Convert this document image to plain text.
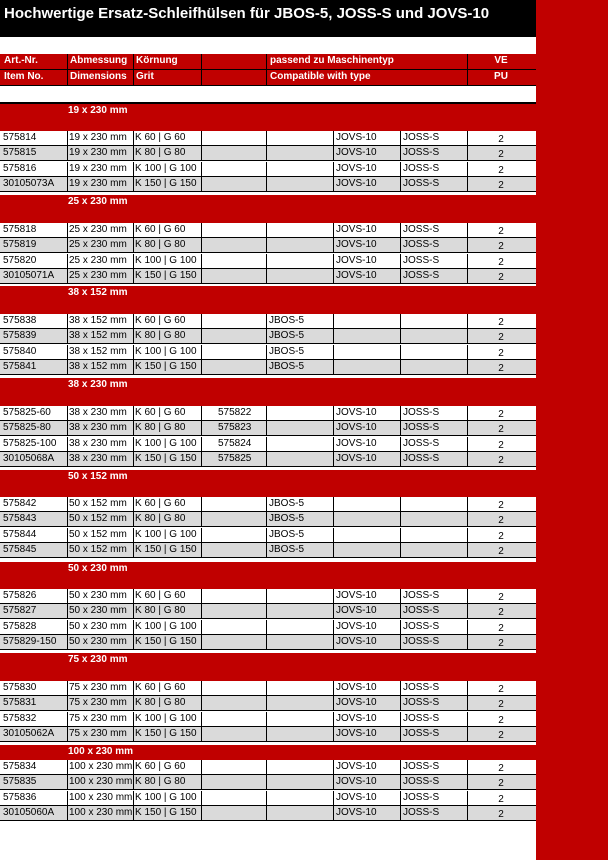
Hochwertige Ersatz-Schleifhülsen für JBOS-5, JOSS-S und JOVS-10
Art.-Nr.	Abmessung Körnung	passend zu Maschinentyp	VE
Item No.	Dimensions Grit	Compatible with type	PU
19 x 230 mm
575814	19 x 230 mm K 60 | G 60	JOVS-10	JOSS-S	2
575815	19 x 230 mm K 80 | G 80	JOVS-10	JOSS-S	2
575816	19 x 230 mm K 100 | G 100	JOVS-10	JOSS-S	2
30105073A	19 x 230 mm K 150 | G 150	JOVS-10	JOSS-S	2
25 x 230 mm
575818	25 x 230 mm K 60 | G 60	JOVS-10	JOSS-S	2
575819	25 x 230 mm K 80 | G 80	JOVS-10	JOSS-S	2
575820	25 x 230 mm K 100 | G 100	JOVS-10	JOSS-S	2
30105071A	25 x 230 mm K 150 | G 150	JOVS-10	JOSS-S	2
38 x 152 mm
575838	38 x 152 mm K 60 | G 60	JBOS-5	2
575839	38 x 152 mm K 80 | G 80	JBOS-5	2
575840	38 x 152 mm K 100 | G 100	JBOS-5	2
575841	38 x 152 mm K 150 | G 150	JBOS-5	2
38 x 230 mm
575825-60	38 x 230 mm K 60 | G 60	575822	JOVS-10	JOSS-S	2
575825-80	38 x 230 mm K 80 | G 80	575823	JOVS-10	JOSS-S	2
575825-100	38 x 230 mm K 100 | G 100	575824	JOVS-10	JOSS-S	2
30105068A	38 x 230 mm K 150 | G 150	575825	JOVS-10	JOSS-S	2
50 x 152 mm
575842	50 x 152 mm K 60 | G 60	JBOS-5	2
575843	50 x 152 mm K 80 | G 80	JBOS-5	2
575844	50 x 152 mm K 100 | G 100	JBOS-5	2
575845	50 x 152 mm K 150 | G 150	JBOS-5	2
50 x 230 mm
575826	50 x 230 mm K 60 | G 60	JOVS-10	JOSS-S	2
575827	50 x 230 mm K 80 | G 80	JOVS-10	JOSS-S	2
575828	50 x 230 mm K 100 | G 100	JOVS-10	JOSS-S	2
575829-150	50 x 230 mm K 150 | G 150	JOVS-10	JOSS-S	2
75 x 230 mm
575830	75 x 230 mm K 60 | G 60	JOVS-10	JOSS-S	2
575831	75 x 230 mm K 80 | G 80	JOVS-10	JOSS-S	2
575832	75 x 230 mm K 100 | G 100	JOVS-10	JOSS-S	2
30105062A	75 x 230 mm K 150 | G 150	JOVS-10	JOSS-S	2
100 x 230 mm
575834	100 x 230 mm K 60 | G 60	JOVS-10	JOSS-S	2
575835	100 x 230 mm K 80 | G 80	JOVS-10	JOSS-S	2
575836	100 x 230 mm K 100 | G 100	JOVS-10	JOSS-S	2
30105060A	100 x 230 mm K 150 | G 150	JOVS-10	JOSS-S	2
